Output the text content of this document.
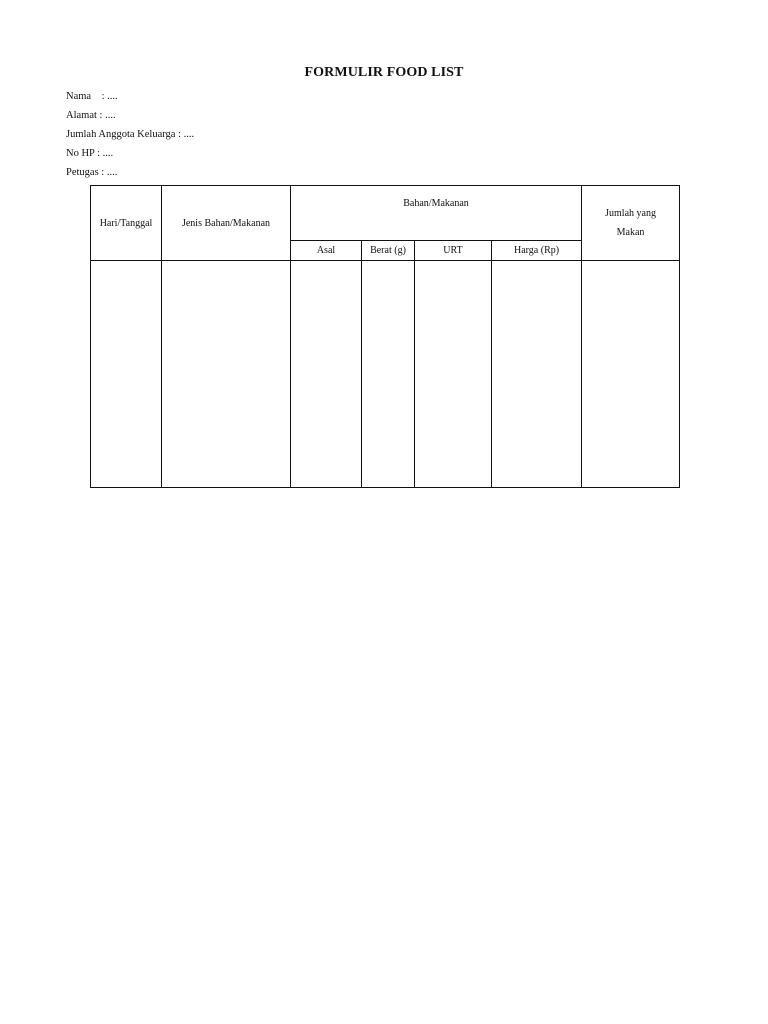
FORMULIR FOOD LIST
Nama    : ....
Alamat : ....
Jumlah Anggota Keluarga : ....
No HP : ....
Petugas : ....
Hari/Tanggal	Jenis Bahan/Makanan	Bahan/Makanan				Jumlah yang
Makan
		Asal	Berat (g)	URT	Harga (Rp)	
